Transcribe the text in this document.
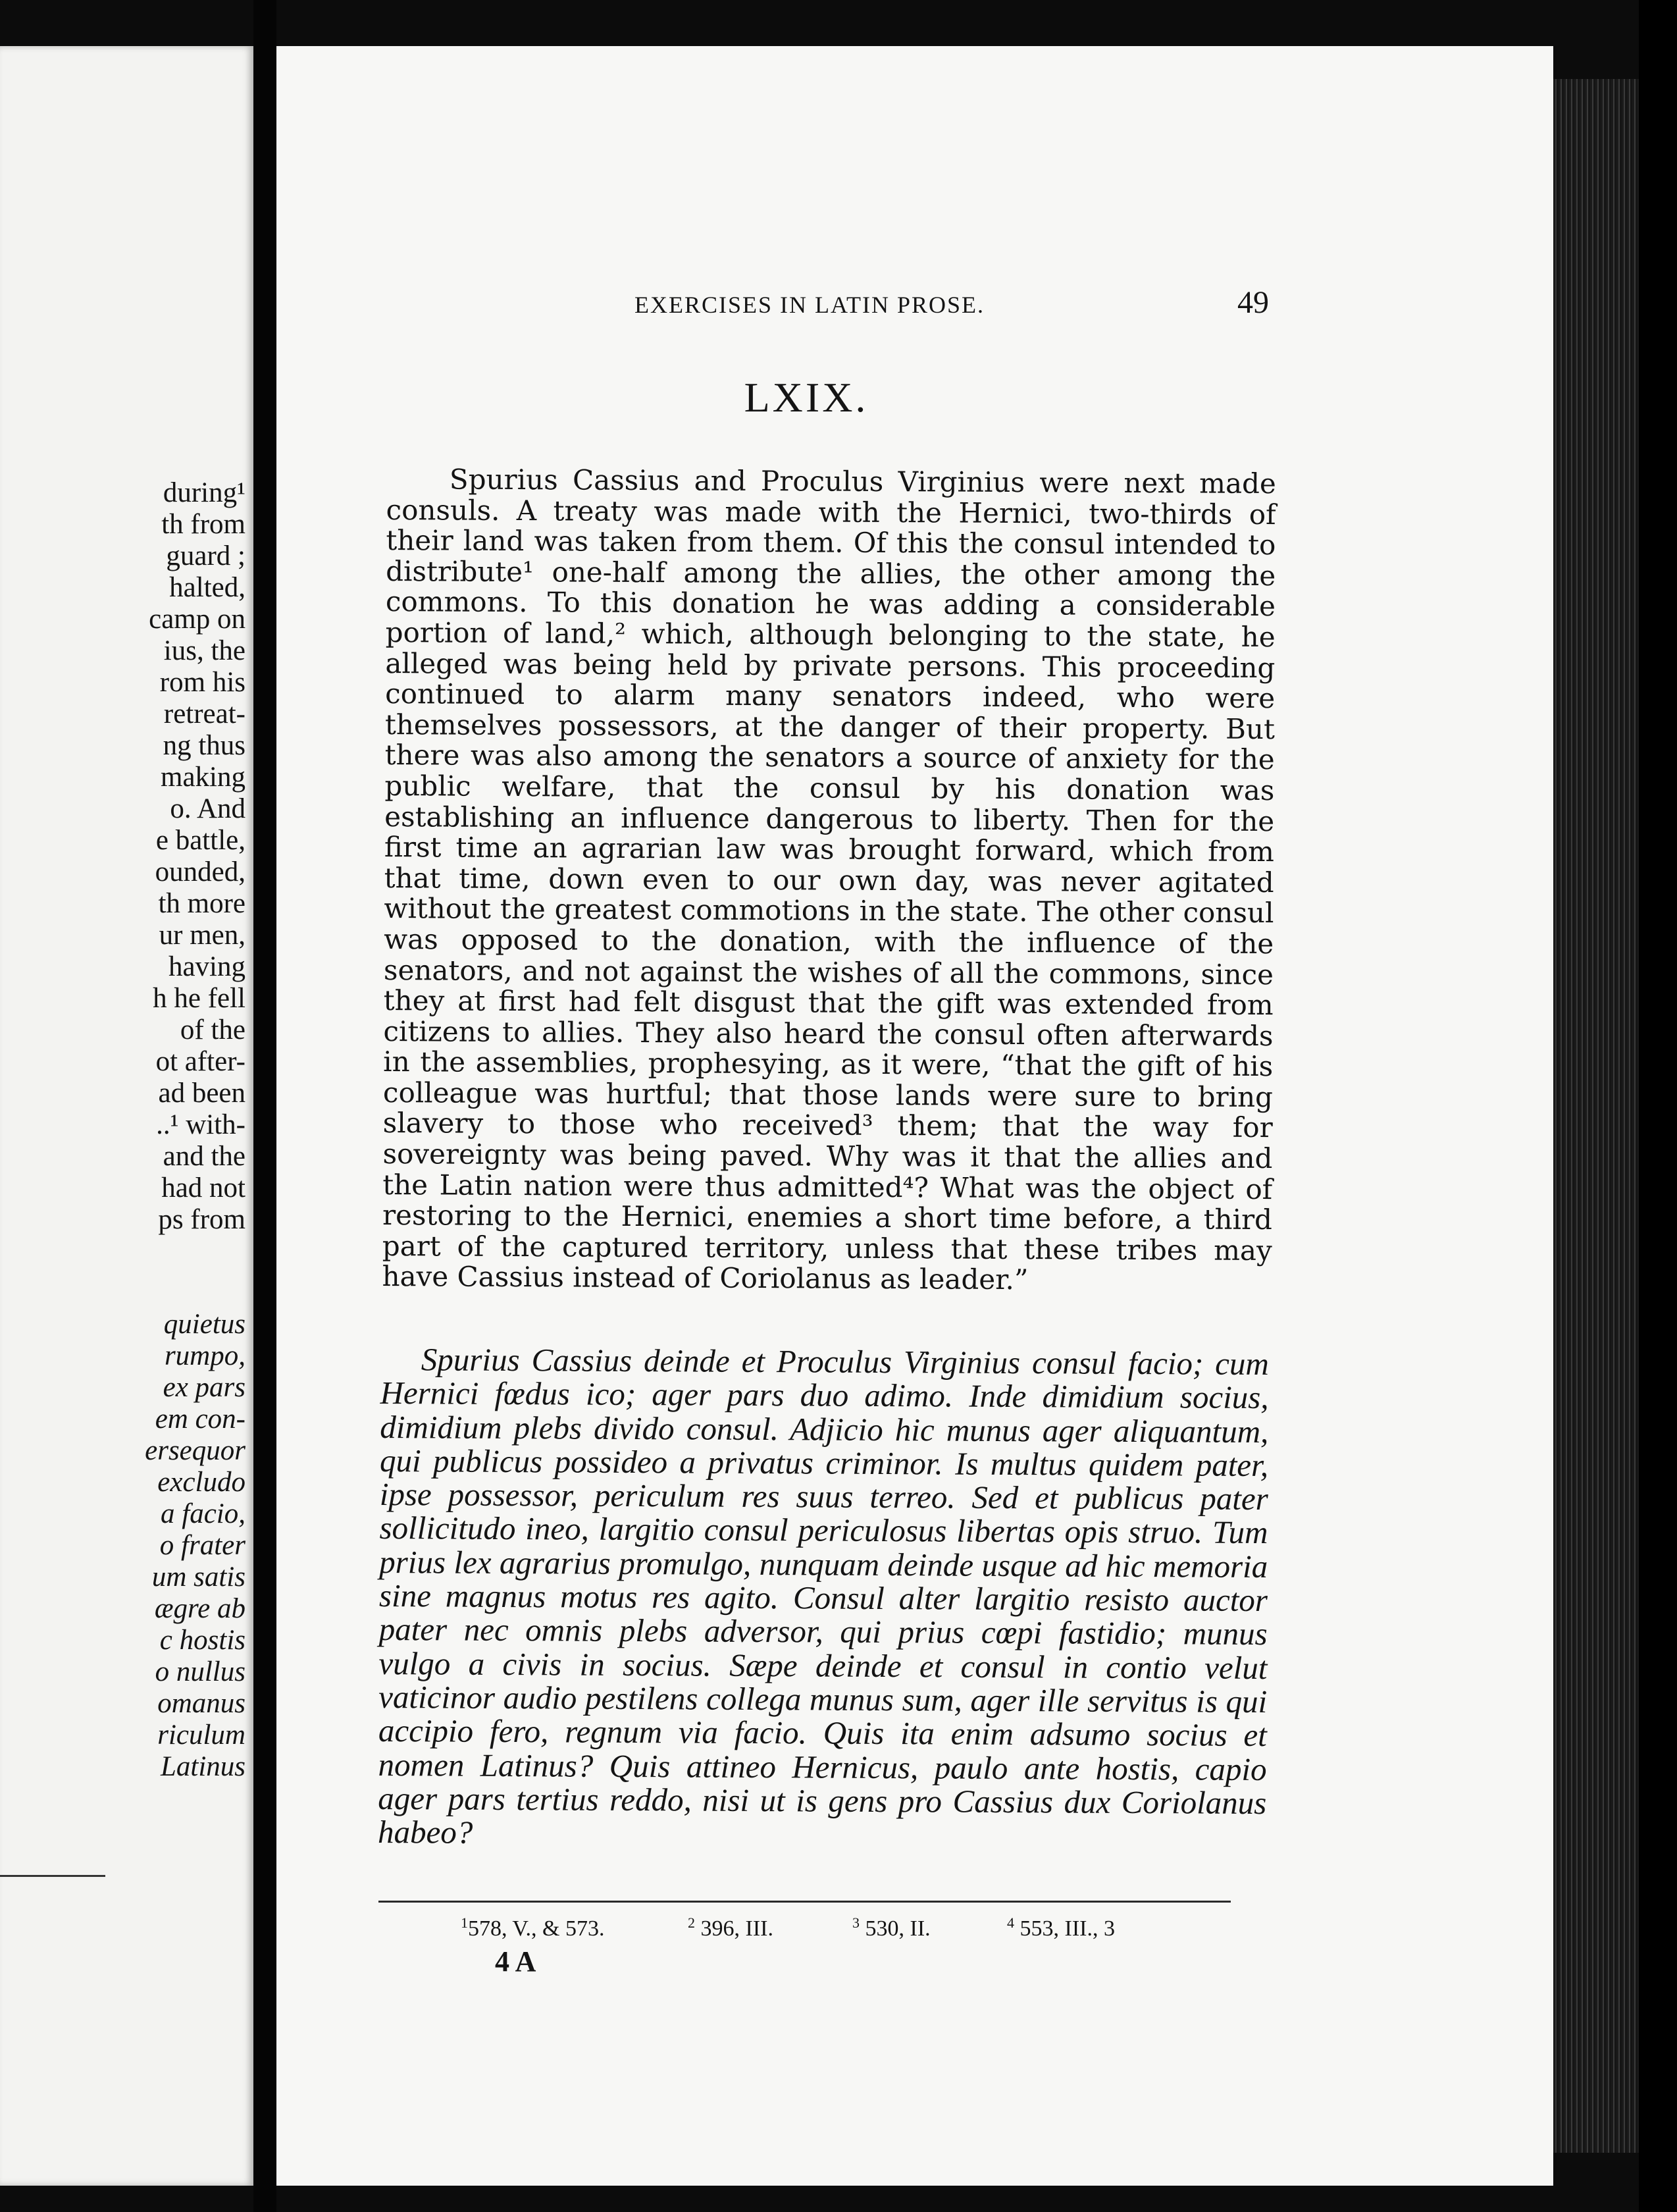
during¹
th from
guard ;
halted,
camp on
ius, the
rom his
retreat-
ng thus
making
o. And
e battle,
ounded,
th more
ur men,
having
h he fell
of the
ot after-
ad been
..¹ with-
and the
had not
ps from
quietus
rumpo,
ex pars
em con-
ersequor
excludo
a facio,
o frater
um satis
ægre ab
c hostis
o nullus
omanus
riculum
Latinus
EXERCISES IN LATIN PROSE.	49
LXIX.

Spurius Cassius and Proculus Virginius were next made consuls. A treaty was made with the Hernici, two-thirds of their land was taken from them. Of this the consul intended to distribute¹ one-half among the allies, the other among the commons. To this donation he was adding a considerable portion of land,² which, although belonging to the state, he alleged was being held by private persons. This proceeding continued to alarm many senators indeed, who were themselves possessors, at the danger of their property. But there was also among the senators a source of anxiety for the public welfare, that the consul by his donation was establishing an influence dangerous to liberty. Then for the first time an agrarian law was brought forward, which from that time, down even to our own day, was never agitated without the greatest commotions in the state. The other consul was opposed to the donation, with the influence of the senators, and not against the wishes of all the commons, since they at first had felt disgust that the gift was extended from citizens to allies. They also heard the consul often afterwards in the assemblies, prophesying, as it were, “that the gift of his colleague was hurtful; that those lands were sure to bring slavery to those who received³ them; that the way for sovereignty was being paved. Why was it that the allies and the Latin nation were thus admitted⁴? What was the object of restoring to the Hernici, enemies a short time before, a third part of the captured territory, unless that these tribes may have Cassius instead of Coriolanus as leader.”

Spurius Cassius deinde et Proculus Virginius consul facio; cum Hernici fœdus ico; ager pars duo adimo. Inde dimidium socius, dimidium plebs divido consul. Adjicio hic munus ager aliquantum, qui publicus possideo a privatus criminor. Is multus quidem pater, ipse possessor, periculum res suus terreo. Sed et publicus pater sollicitudo ineo, largitio consul periculosus libertas opis struo. Tum prius lex agrarius promulgo, nunquam deinde usque ad hic memoria sine magnus motus res agito. Consul alter largitio resisto auctor pater nec omnis plebs adversor, qui prius cœpi fastidio; munus vulgo a civis in socius. Sæpe deinde et consul in contio velut vaticinor audio pestilens collega munus sum, ager ille servitus is qui accipio fero, regnum via facio. Quis ita enim adsumo socius et nomen Latinus? Quis attineo Hernicus, paulo ante hostis, capio ager pars tertius reddo, nisi ut is gens pro Cassius dux Coriolanus habeo?

$^1$578, V., & 573.	$^2$ 396, III.	$^3$ 530, II.	$^4$ 553, III., 3
4 A
